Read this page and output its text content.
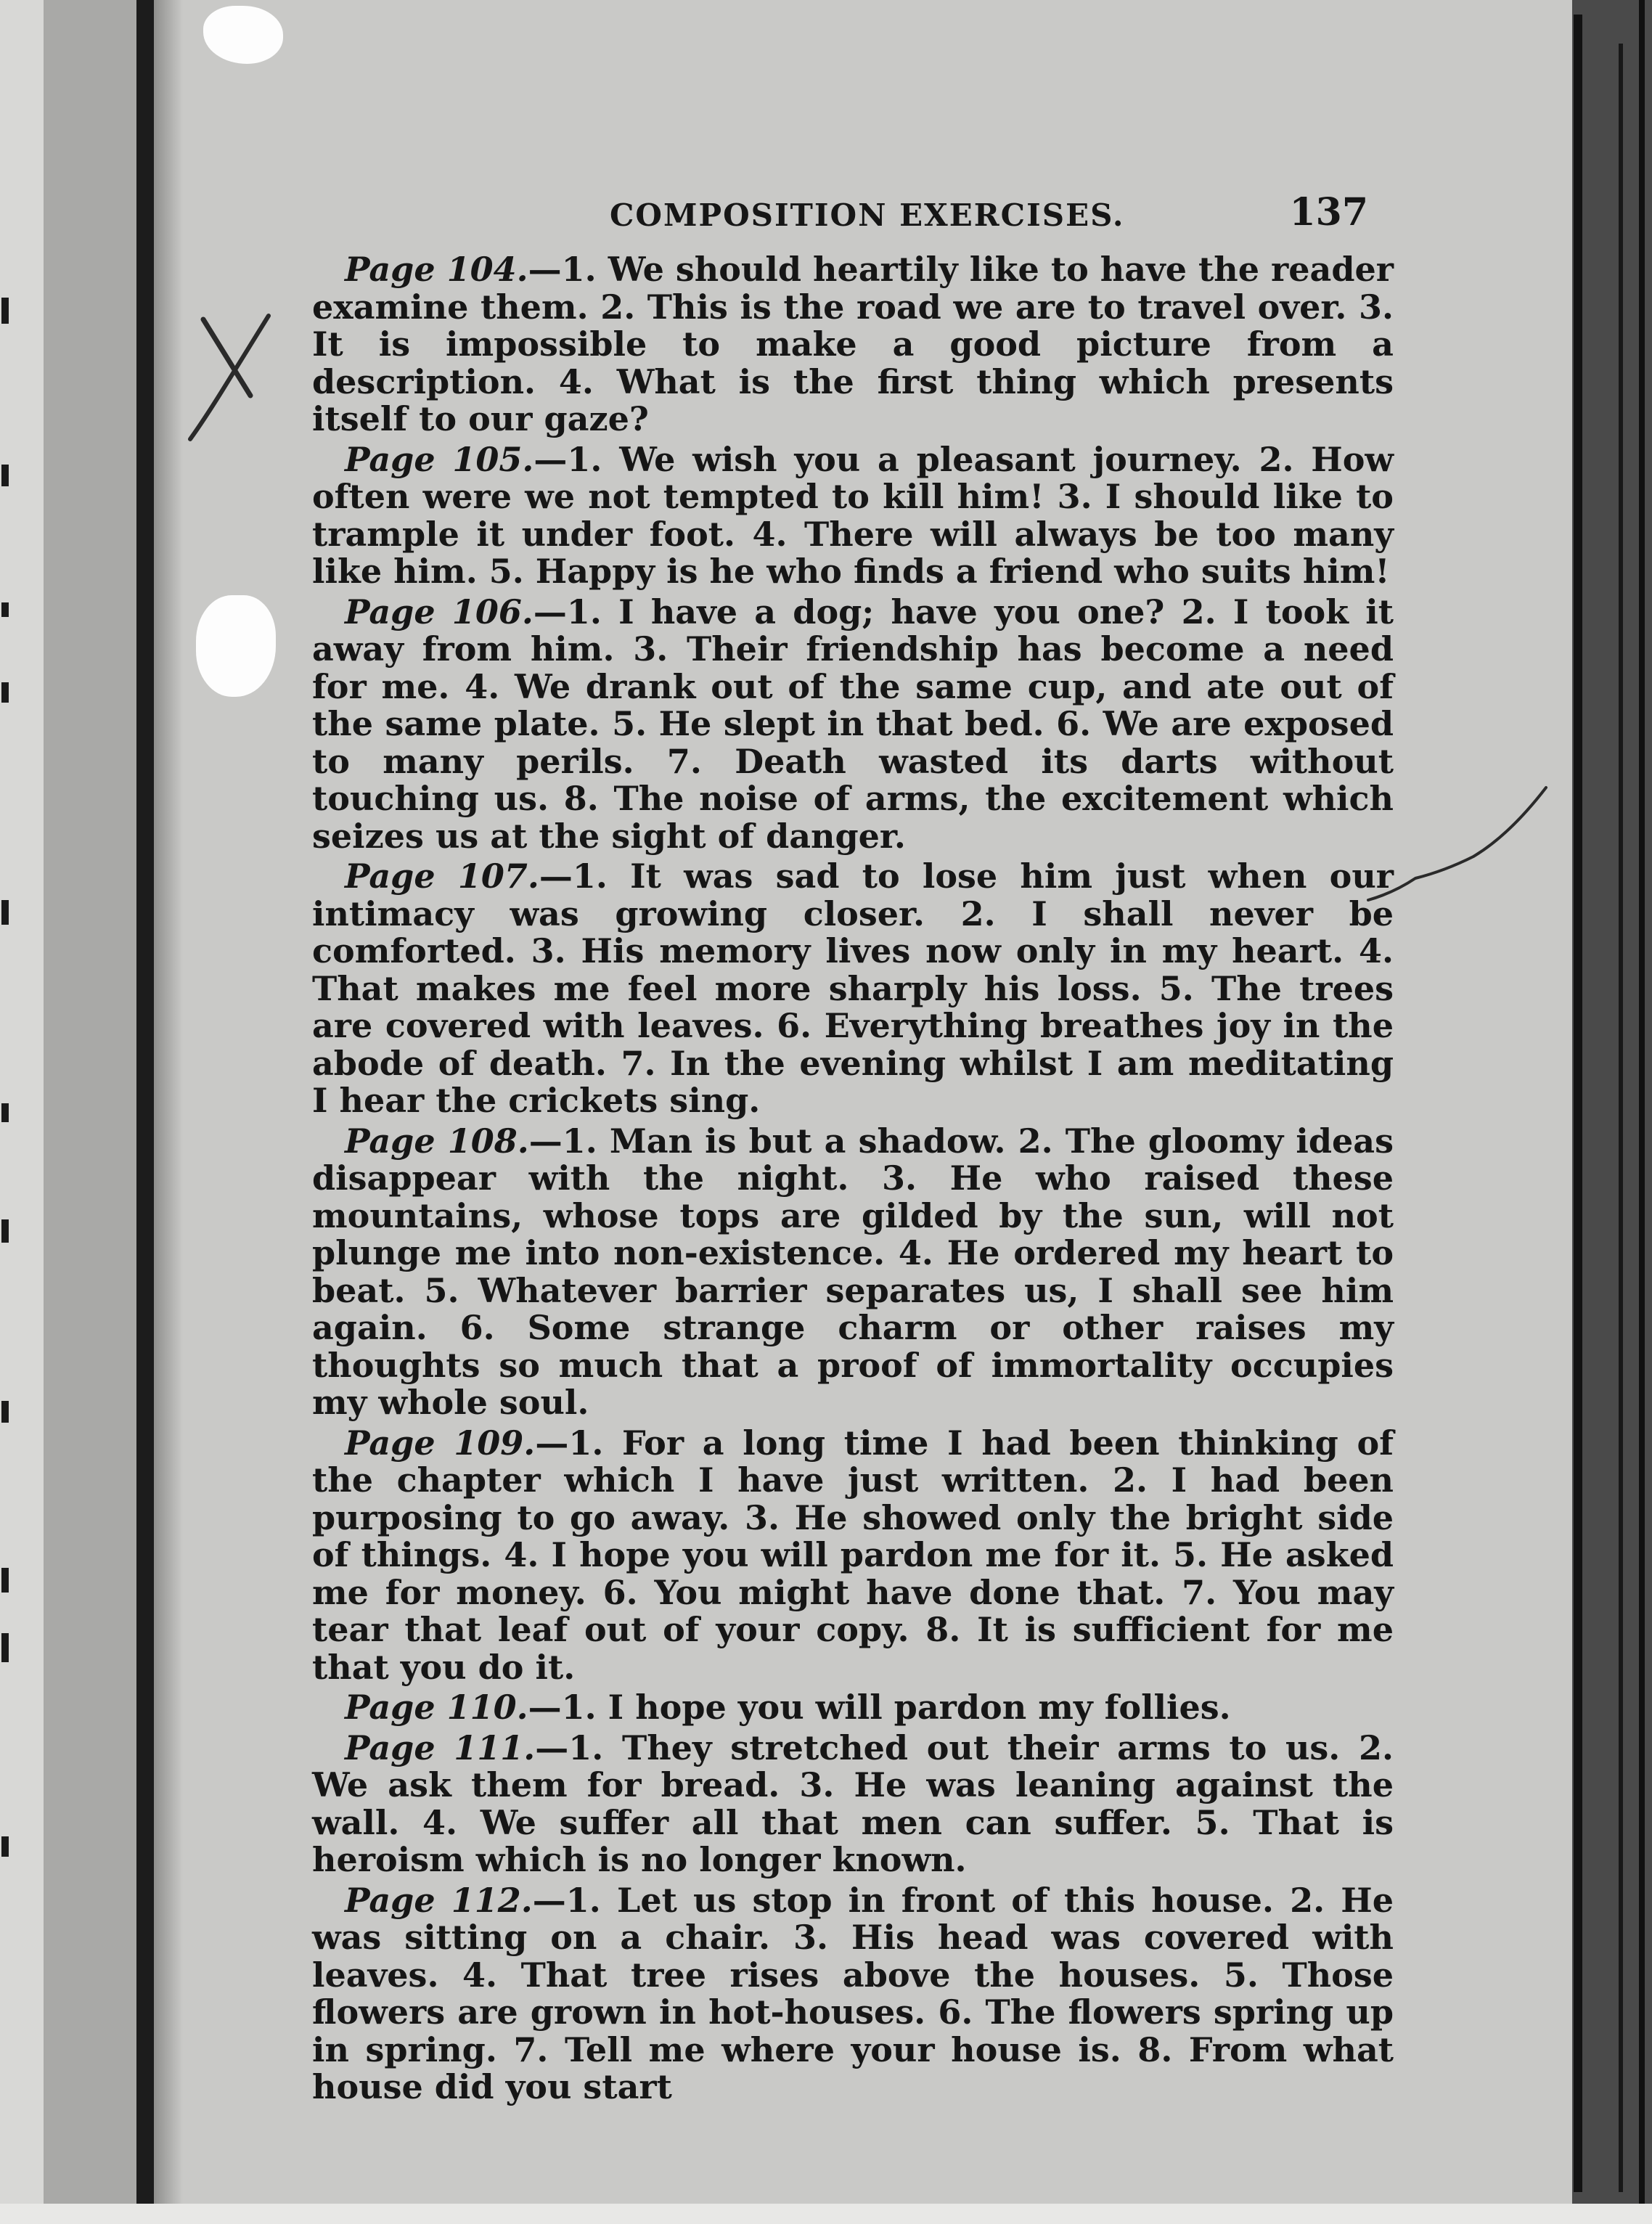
COMPOSITION EXERCISES.	137

Page 104.—1. We should heartily like to have the reader examine them. 2. This is the road we are to travel over. 3. It is impossible to make a good picture from a description. 4. What is the first thing which presents itself to our gaze?

Page 105.—1. We wish you a pleasant journey. 2. How often were we not tempted to kill him! 3. I should like to trample it under foot. 4. There will always be too many like him. 5. Happy is he who finds a friend who suits him!

Page 106.—1. I have a dog; have you one? 2. I took it away from him. 3. Their friendship has become a need for me. 4. We drank out of the same cup, and ate out of the same plate. 5. He slept in that bed. 6. We are exposed to many perils. 7. Death wasted its darts without touching us. 8. The noise of arms, the excitement which seizes us at the sight of danger.

Page 107.—1. It was sad to lose him just when our intimacy was growing closer. 2. I shall never be comforted. 3. His memory lives now only in my heart. 4. That makes me feel more sharply his loss. 5. The trees are covered with leaves. 6. Everything breathes joy in the abode of death. 7. In the evening whilst I am meditating I hear the crickets sing.

Page 108.—1. Man is but a shadow. 2. The gloomy ideas disappear with the night. 3. He who raised these mountains, whose tops are gilded by the sun, will not plunge me into non-existence. 4. He ordered my heart to beat. 5. Whatever barrier separates us, I shall see him again. 6. Some strange charm or other raises my thoughts so much that a proof of immortality occupies my whole soul.

Page 109.—1. For a long time I had been thinking of the chapter which I have just written. 2. I had been purposing to go away. 3. He showed only the bright side of things. 4. I hope you will pardon me for it. 5. He asked me for money. 6. You might have done that. 7. You may tear that leaf out of your copy. 8. It is sufficient for me that you do it.

Page 110.—1. I hope you will pardon my follies.

Page 111.—1. They stretched out their arms to us. 2. We ask them for bread. 3. He was leaning against the wall. 4. We suffer all that men can suffer. 5. That is heroism which is no longer known.

Page 112.—1. Let us stop in front of this house. 2. He was sitting on a chair. 3. His head was covered with leaves. 4. That tree rises above the houses. 5. Those flowers are grown in hot-houses. 6. The flowers spring up in spring. 7. Tell me where your house is. 8. From what house did you start
